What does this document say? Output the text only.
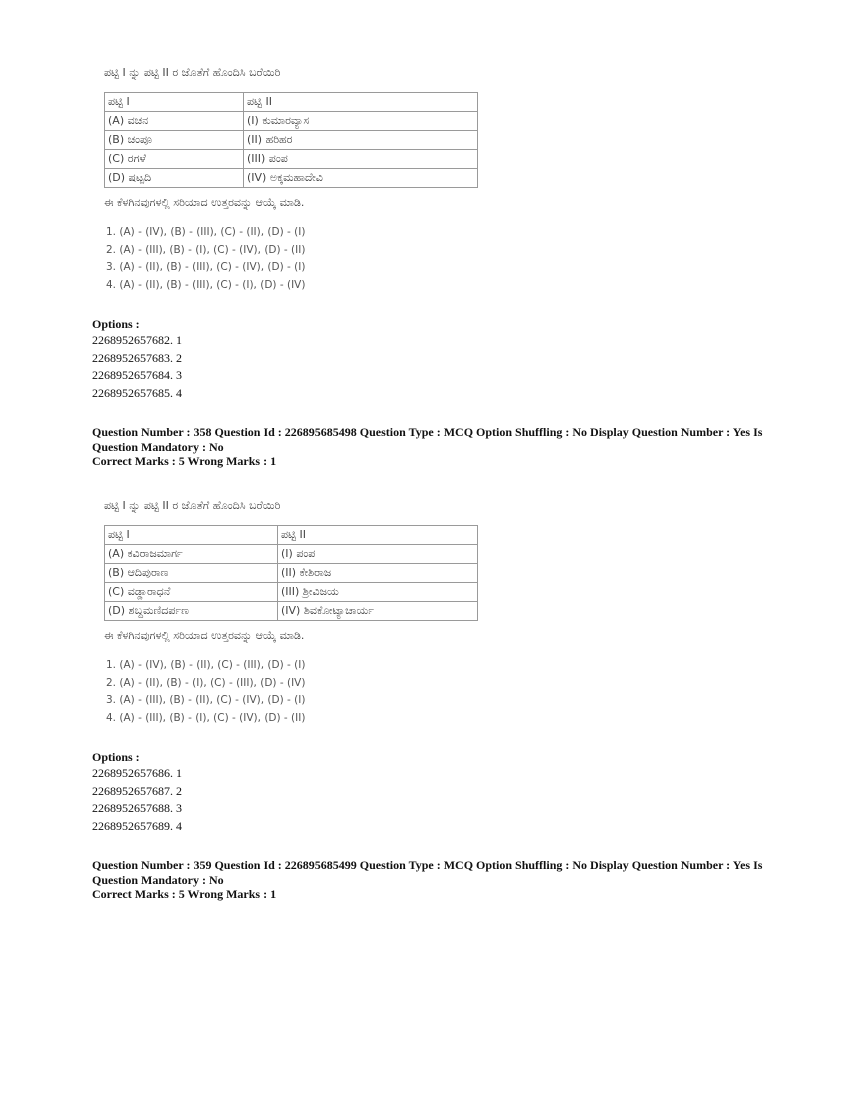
ಪಟ್ಟಿ I ನ್ನು ಪಟ್ಟಿ II ರ ಜೊತೆಗೆ ಹೊಂದಿಸಿ ಬರೆಯಿರಿ
ಪಟ್ಟಿ I	ಪಟ್ಟಿ II
(A) ವಚನ	(I) ಕುಮಾರವ್ಯಾಸ
(B) ಚಂಪೂ	(II) ಹರಿಹರ
(C) ರಗಳೆ	(III) ಪಂಪ
(D) ಷಟ್ಪದಿ	(IV) ಅಕ್ಕಮಹಾದೇವಿ
ಈ ಕೆಳಗಿನವುಗಳಲ್ಲಿ ಸರಿಯಾದ ಉತ್ತರವನ್ನು ಆಯ್ಕೆ ಮಾಡಿ.
1. (A) - (IV), (B) - (III), (C) - (II), (D) - (I)
2. (A) - (III), (B) - (I), (C) - (IV), (D) - (II)
3. (A) - (II), (B) - (III), (C) - (IV), (D) - (I)
4. (A) - (II), (B) - (III), (C) - (I), (D) - (IV)
Options :
2268952657682. 1
2268952657683. 2
2268952657684. 3
2268952657685. 4
Question Number : 358 Question Id : 226895685498 Question Type : MCQ Option Shuffling : No Display Question Number : Yes Is
Question Mandatory : No
Correct Marks : 5 Wrong Marks : 1
ಪಟ್ಟಿ I ನ್ನು ಪಟ್ಟಿ II ರ ಜೊತೆಗೆ ಹೊಂದಿಸಿ ಬರೆಯಿರಿ
ಪಟ್ಟಿ I	ಪಟ್ಟಿ II
(A) ಕವಿರಾಜಮಾರ್ಗ	(I) ಪಂಪ
(B) ಆದಿಪುರಾಣ	(II) ಕೇಶಿರಾಜ
(C) ವಡ್ಡಾರಾಧನೆ	(III) ಶ್ರೀವಿಜಯ
(D) ಶಬ್ದಮಣಿದರ್ಪಣ	(IV) ಶಿವಕೋಟ್ಯಾಚಾರ್ಯ
ಈ ಕೆಳಗಿನವುಗಳಲ್ಲಿ ಸರಿಯಾದ ಉತ್ತರವನ್ನು ಆಯ್ಕೆ ಮಾಡಿ.
1. (A) - (IV), (B) - (II), (C) - (III), (D) - (I)
2. (A) - (II), (B) - (I), (C) - (III), (D) - (IV)
3. (A) - (III), (B) - (II), (C) - (IV), (D) - (I)
4. (A) - (III), (B) - (I), (C) - (IV), (D) - (II)
Options :
2268952657686. 1
2268952657687. 2
2268952657688. 3
2268952657689. 4
Question Number : 359 Question Id : 226895685499 Question Type : MCQ Option Shuffling : No Display Question Number : Yes Is
Question Mandatory : No
Correct Marks : 5 Wrong Marks : 1
